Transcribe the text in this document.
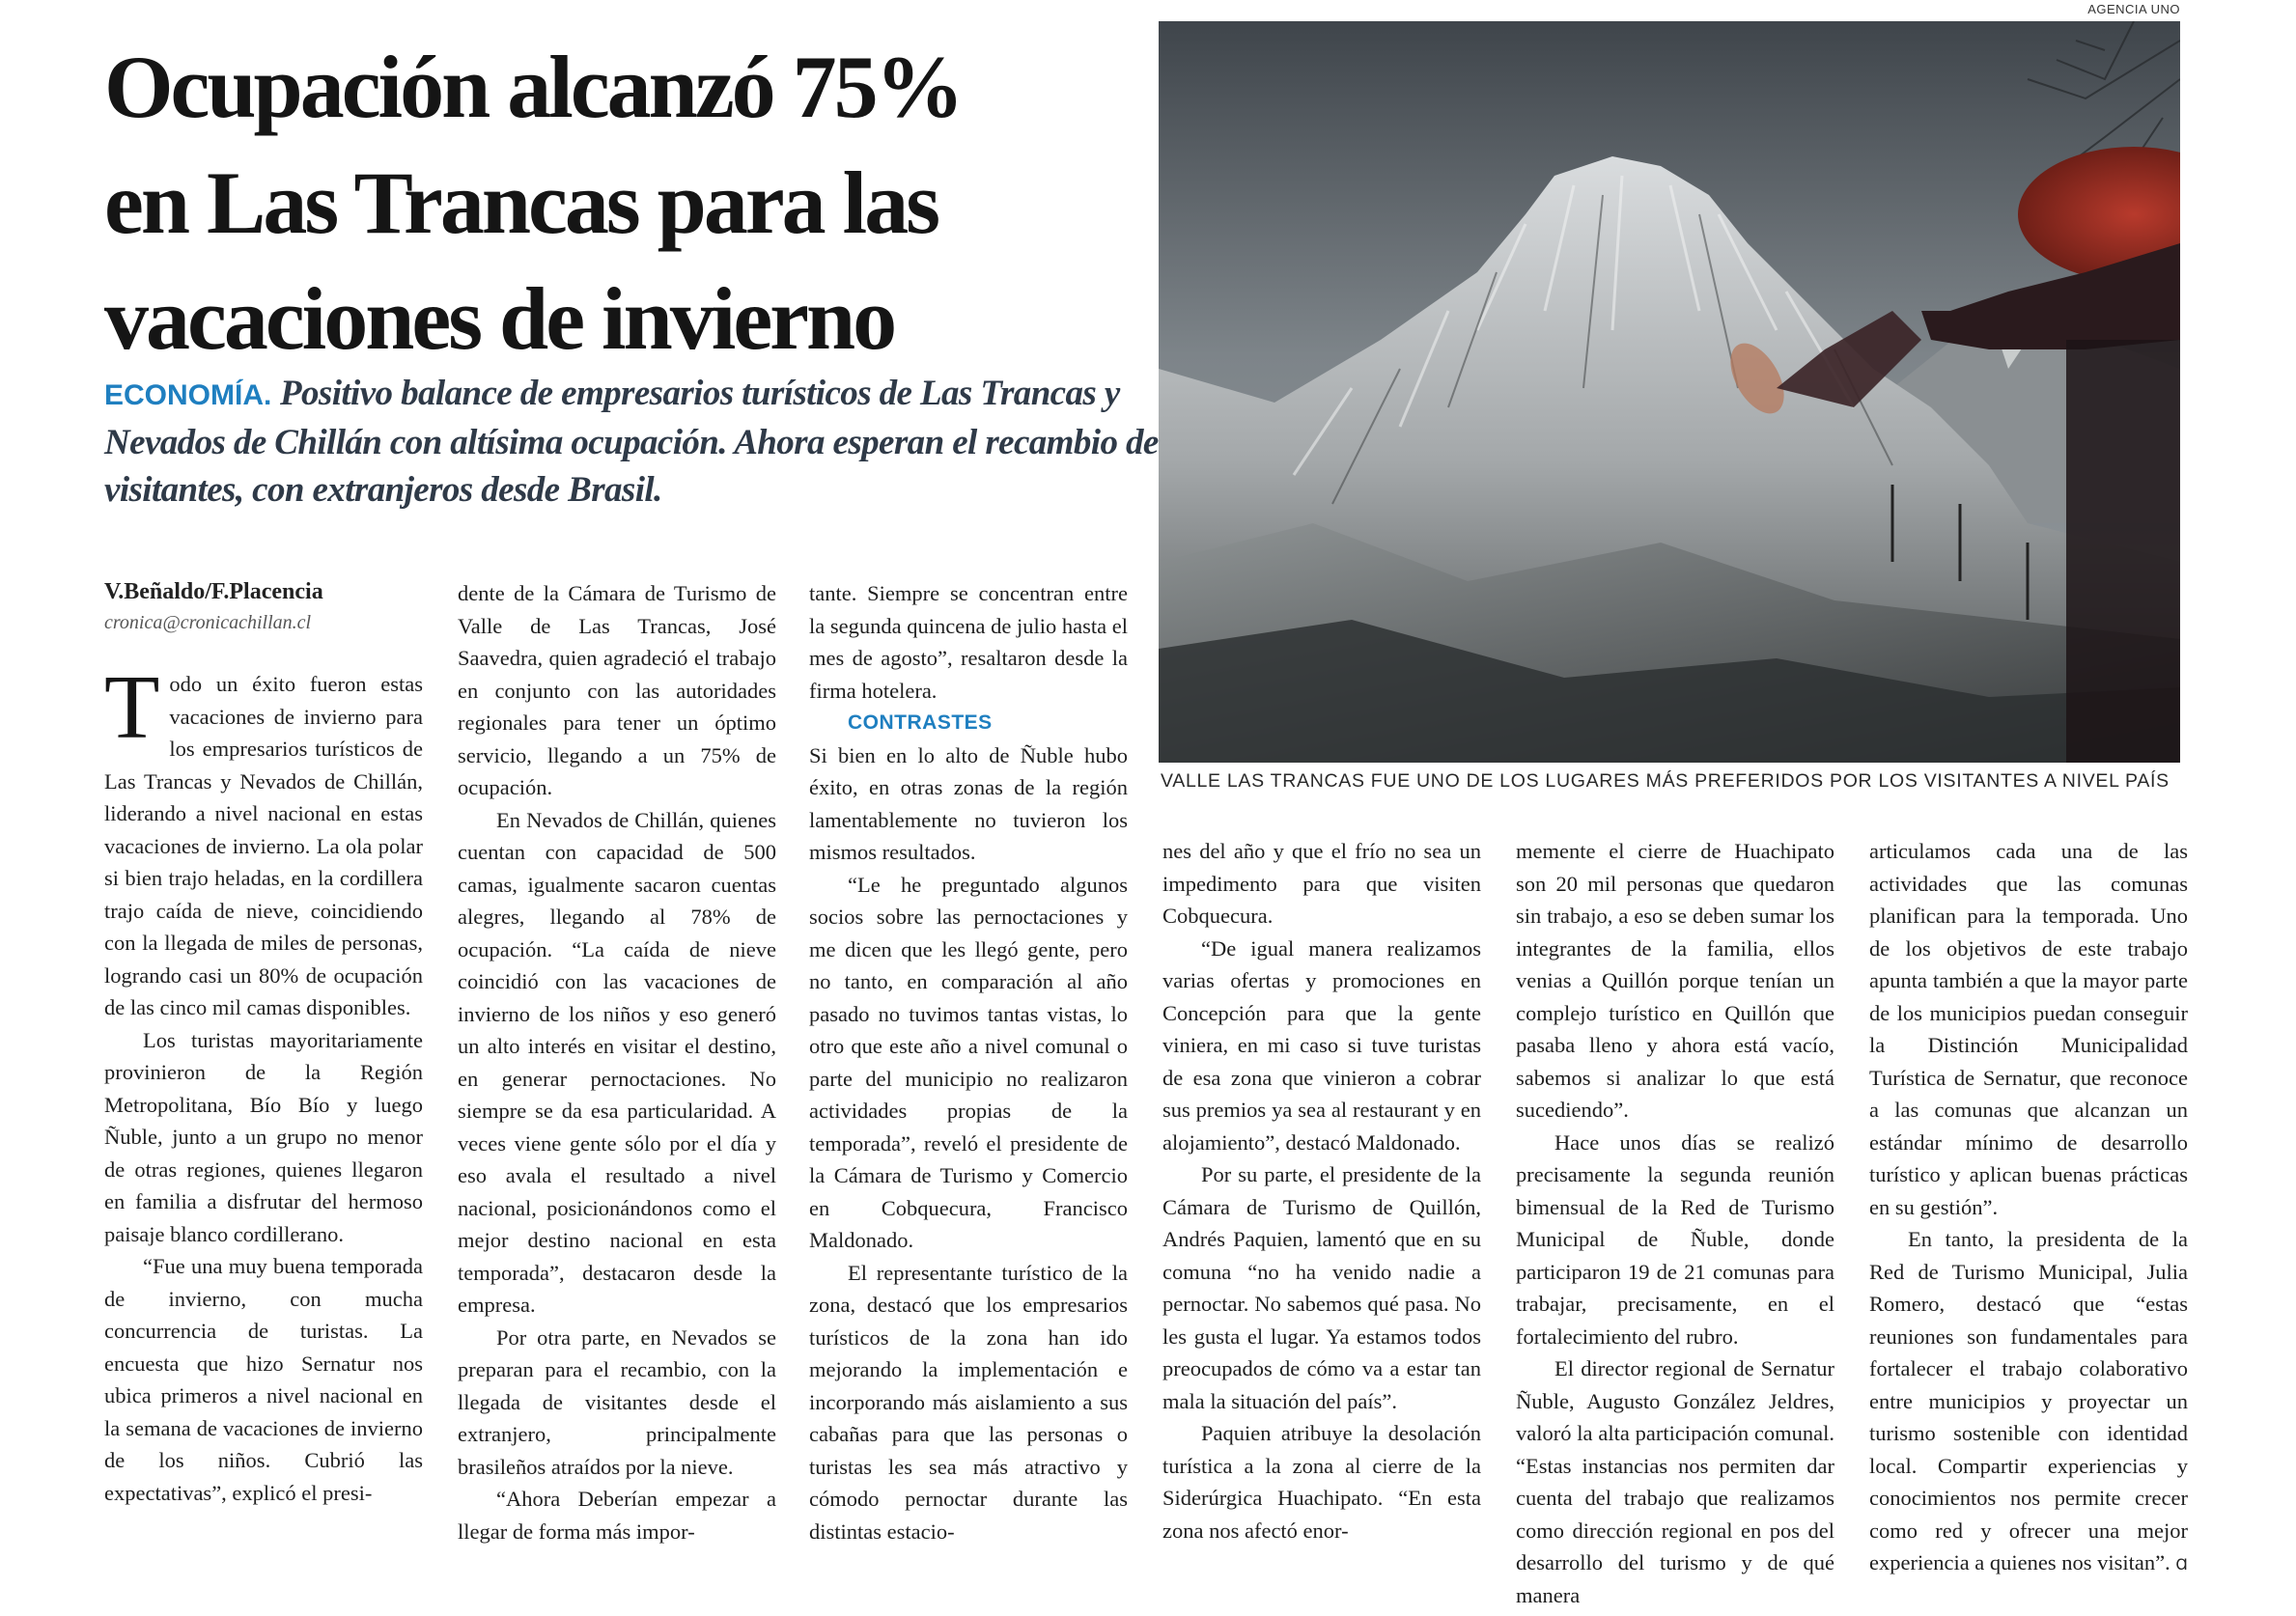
Ocupación alcanzó 75%
en Las Trancas para las
vacaciones de invierno
ECONOMÍA. Positivo balance de empresarios turísticos de Las Trancas y Nevados de Chillán con altísima ocupación. Ahora esperan el recambio de visitantes, con extranjeros desde Brasil.
AGENCIA UNO
VALLE LAS TRANCAS FUE UNO DE LOS LUGARES MÁS PREFERIDOS POR LOS VISITANTES A NIVEL PAÍS
V.Beñaldo/F.Placencia
cronica@cronicachillan.cl

Todo un éxito fueron estas vacaciones de invierno para los empresarios turísticos de Las Trancas y Nevados de Chillán, liderando a nivel nacional en estas vacaciones de invierno. La ola polar si bien trajo heladas, en la cordillera trajo caída de nieve, coincidiendo con la llegada de miles de personas, logrando casi un 80% de ocupación de las cinco mil camas disponibles.

Los turistas mayoritariamente provinieron de la Región Metropolitana, Bío Bío y luego Ñuble, junto a un grupo no menor de otras regiones, quienes llegaron en familia a disfrutar del hermoso paisaje blanco cordillerano.

“Fue una muy buena temporada de invierno, con mucha concurrencia de turistas. La encuesta que hizo Sernatur nos ubica primeros a nivel nacional en la semana de vacaciones de invierno de los niños. Cubrió las expectativas”, explicó el presi-

dente de la Cámara de Turismo de Valle de Las Trancas, José Saavedra, quien agradeció el trabajo en conjunto con las autoridades regionales para tener un óptimo servicio, llegando a un 75% de ocupación.

En Nevados de Chillán, quienes cuentan con capacidad de 500 camas, igualmente sacaron cuentas alegres, llegando al 78% de ocupación. “La caída de nieve coincidió con las vacaciones de invierno de los niños y eso generó un alto interés en visitar el destino, en generar pernoctaciones. No siempre se da esa particularidad. A veces viene gente sólo por el día y eso avala el resultado a nivel nacional, posicionándonos como el mejor destino nacional en esta temporada”, destacaron desde la empresa.

Por otra parte, en Nevados se preparan para el recambio, con la llegada de visitantes desde el extranjero, principalmente brasileños atraídos por la nieve.

“Ahora Deberían empezar a llegar de forma más impor-

tante. Siempre se concentran entre la segunda quincena de julio hasta el mes de agosto”, resaltaron desde la firma hotelera.

CONTRASTES

Si bien en lo alto de Ñuble hubo éxito, en otras zonas de la región lamentablemente no tuvieron los mismos resultados.

“Le he preguntado algunos socios sobre las pernoctaciones y me dicen que les llegó gente, pero no tanto, en comparación al año pasado no tuvimos tantas vistas, lo otro que este año a nivel comunal o parte del municipio no realizaron actividades propias de la temporada”, reveló el presidente de la Cámara de Turismo y Comercio en Cobquecura, Francisco Maldonado.

El representante turístico de la zona, destacó que los empresarios turísticos de la zona han ido mejorando la implementación e incorporando más aislamiento a sus cabañas para que las personas o turistas les sea más atractivo y cómodo pernoctar durante las distintas estacio-

nes del año y que el frío no sea un impedimento para que visiten Cobquecura.

“De igual manera realizamos varias ofertas y promociones en Concepción para que la gente viniera, en mi caso si tuve turistas de esa zona que vinieron a cobrar sus premios ya sea al restaurant y en alojamiento”, destacó Maldonado.

Por su parte, el presidente de la Cámara de Turismo de Quillón, Andrés Paquien, lamentó que en su comuna “no ha venido nadie a pernoctar. No sabemos qué pasa. No les gusta el lugar. Ya estamos todos preocupados de cómo va a estar tan mala la situación del país”.

Paquien atribuye la desolación turística a la zona al cierre de la Siderúrgica Huachipato. “En esta zona nos afectó enor-

memente el cierre de Huachipato son 20 mil personas que quedaron sin trabajo, a eso se deben sumar los integrantes de la familia, ellos venias a Quillón porque tenían un complejo turístico en Quillón que pasaba lleno y ahora está vacío, sabemos si analizar lo que está sucediendo”.

Hace unos días se realizó precisamente la segunda reunión bimensual de la Red de Turismo Municipal de Ñuble, donde participaron 19 de 21 comunas para trabajar, precisamente, en el fortalecimiento del rubro.

El director regional de Sernatur Ñuble, Augusto González Jeldres, valoró la alta participación comunal. “Estas instancias nos permiten dar cuenta del trabajo que realizamos como dirección regional en pos del desarrollo del turismo y de qué manera

articulamos cada una de las actividades que las comunas planifican para la temporada. Uno de los objetivos de este trabajo apunta también a que la mayor parte de los municipios puedan conseguir la Distinción Municipalidad Turística de Sernatur, que reconoce a las comunas que alcanzan un estándar mínimo de desarrollo turístico y aplican buenas prácticas en su gestión”.

En tanto, la presidenta de la Red de Turismo Municipal, Julia Romero, destacó que “estas reuniones son fundamentales para fortalecer el trabajo colaborativo entre municipios y proyectar un turismo sostenible con identidad local. Compartir experiencias y conocimientos nos permite crecer como red y ofrecer una mejor experiencia a quienes nos visitan”. Ɑ
